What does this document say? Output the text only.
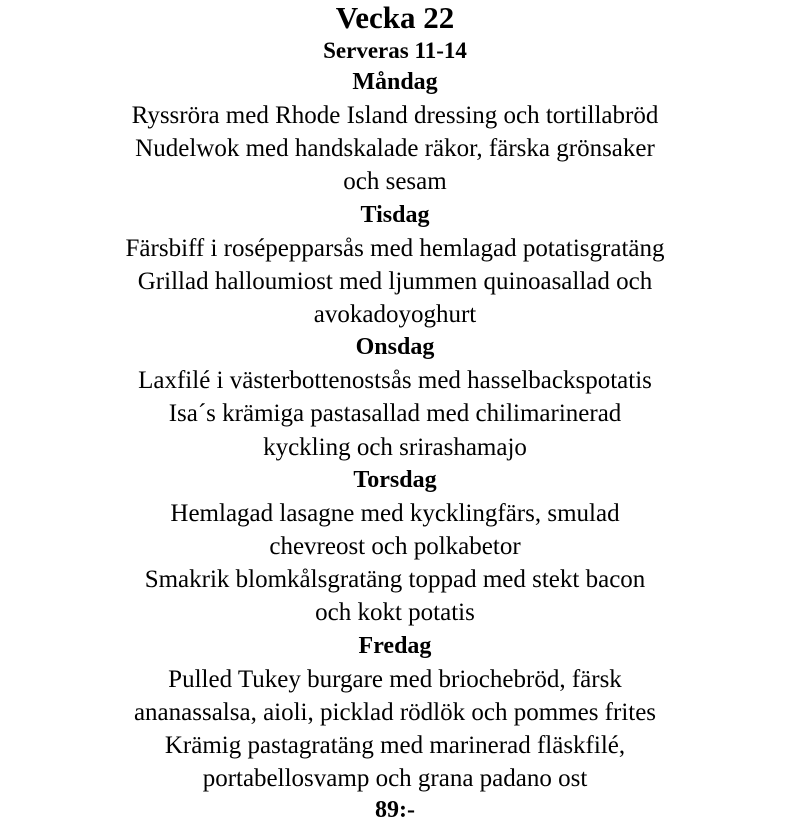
Vecka 22
Serveras 11-14
Måndag
Ryssröra med Rhode Island dressing och tortillabröd
Nudelwok med handskalade räkor, färska grönsaker
och sesam
Tisdag
Färsbiff i rosépepparsås med hemlagad potatisgratäng
Grillad halloumiost med ljummen quinoasallad och
avokadoyoghurt
Onsdag
Laxfilé i västerbottenostsås med hasselbackspotatis
Isa´s krämiga pastasallad med chilimarinerad
kyckling och srirashamajo
Torsdag
Hemlagad lasagne med kycklingfärs, smulad
chevreost och polkabetor
Smakrik blomkålsgratäng toppad med stekt bacon
och kokt potatis
Fredag
Pulled Tukey burgare med briochebröd, färsk
ananassalsa, aioli, picklad rödlök och pommes frites
Krämig pastagratäng med marinerad fläskfilé,
portabellosvamp och grana padano ost
89:-
